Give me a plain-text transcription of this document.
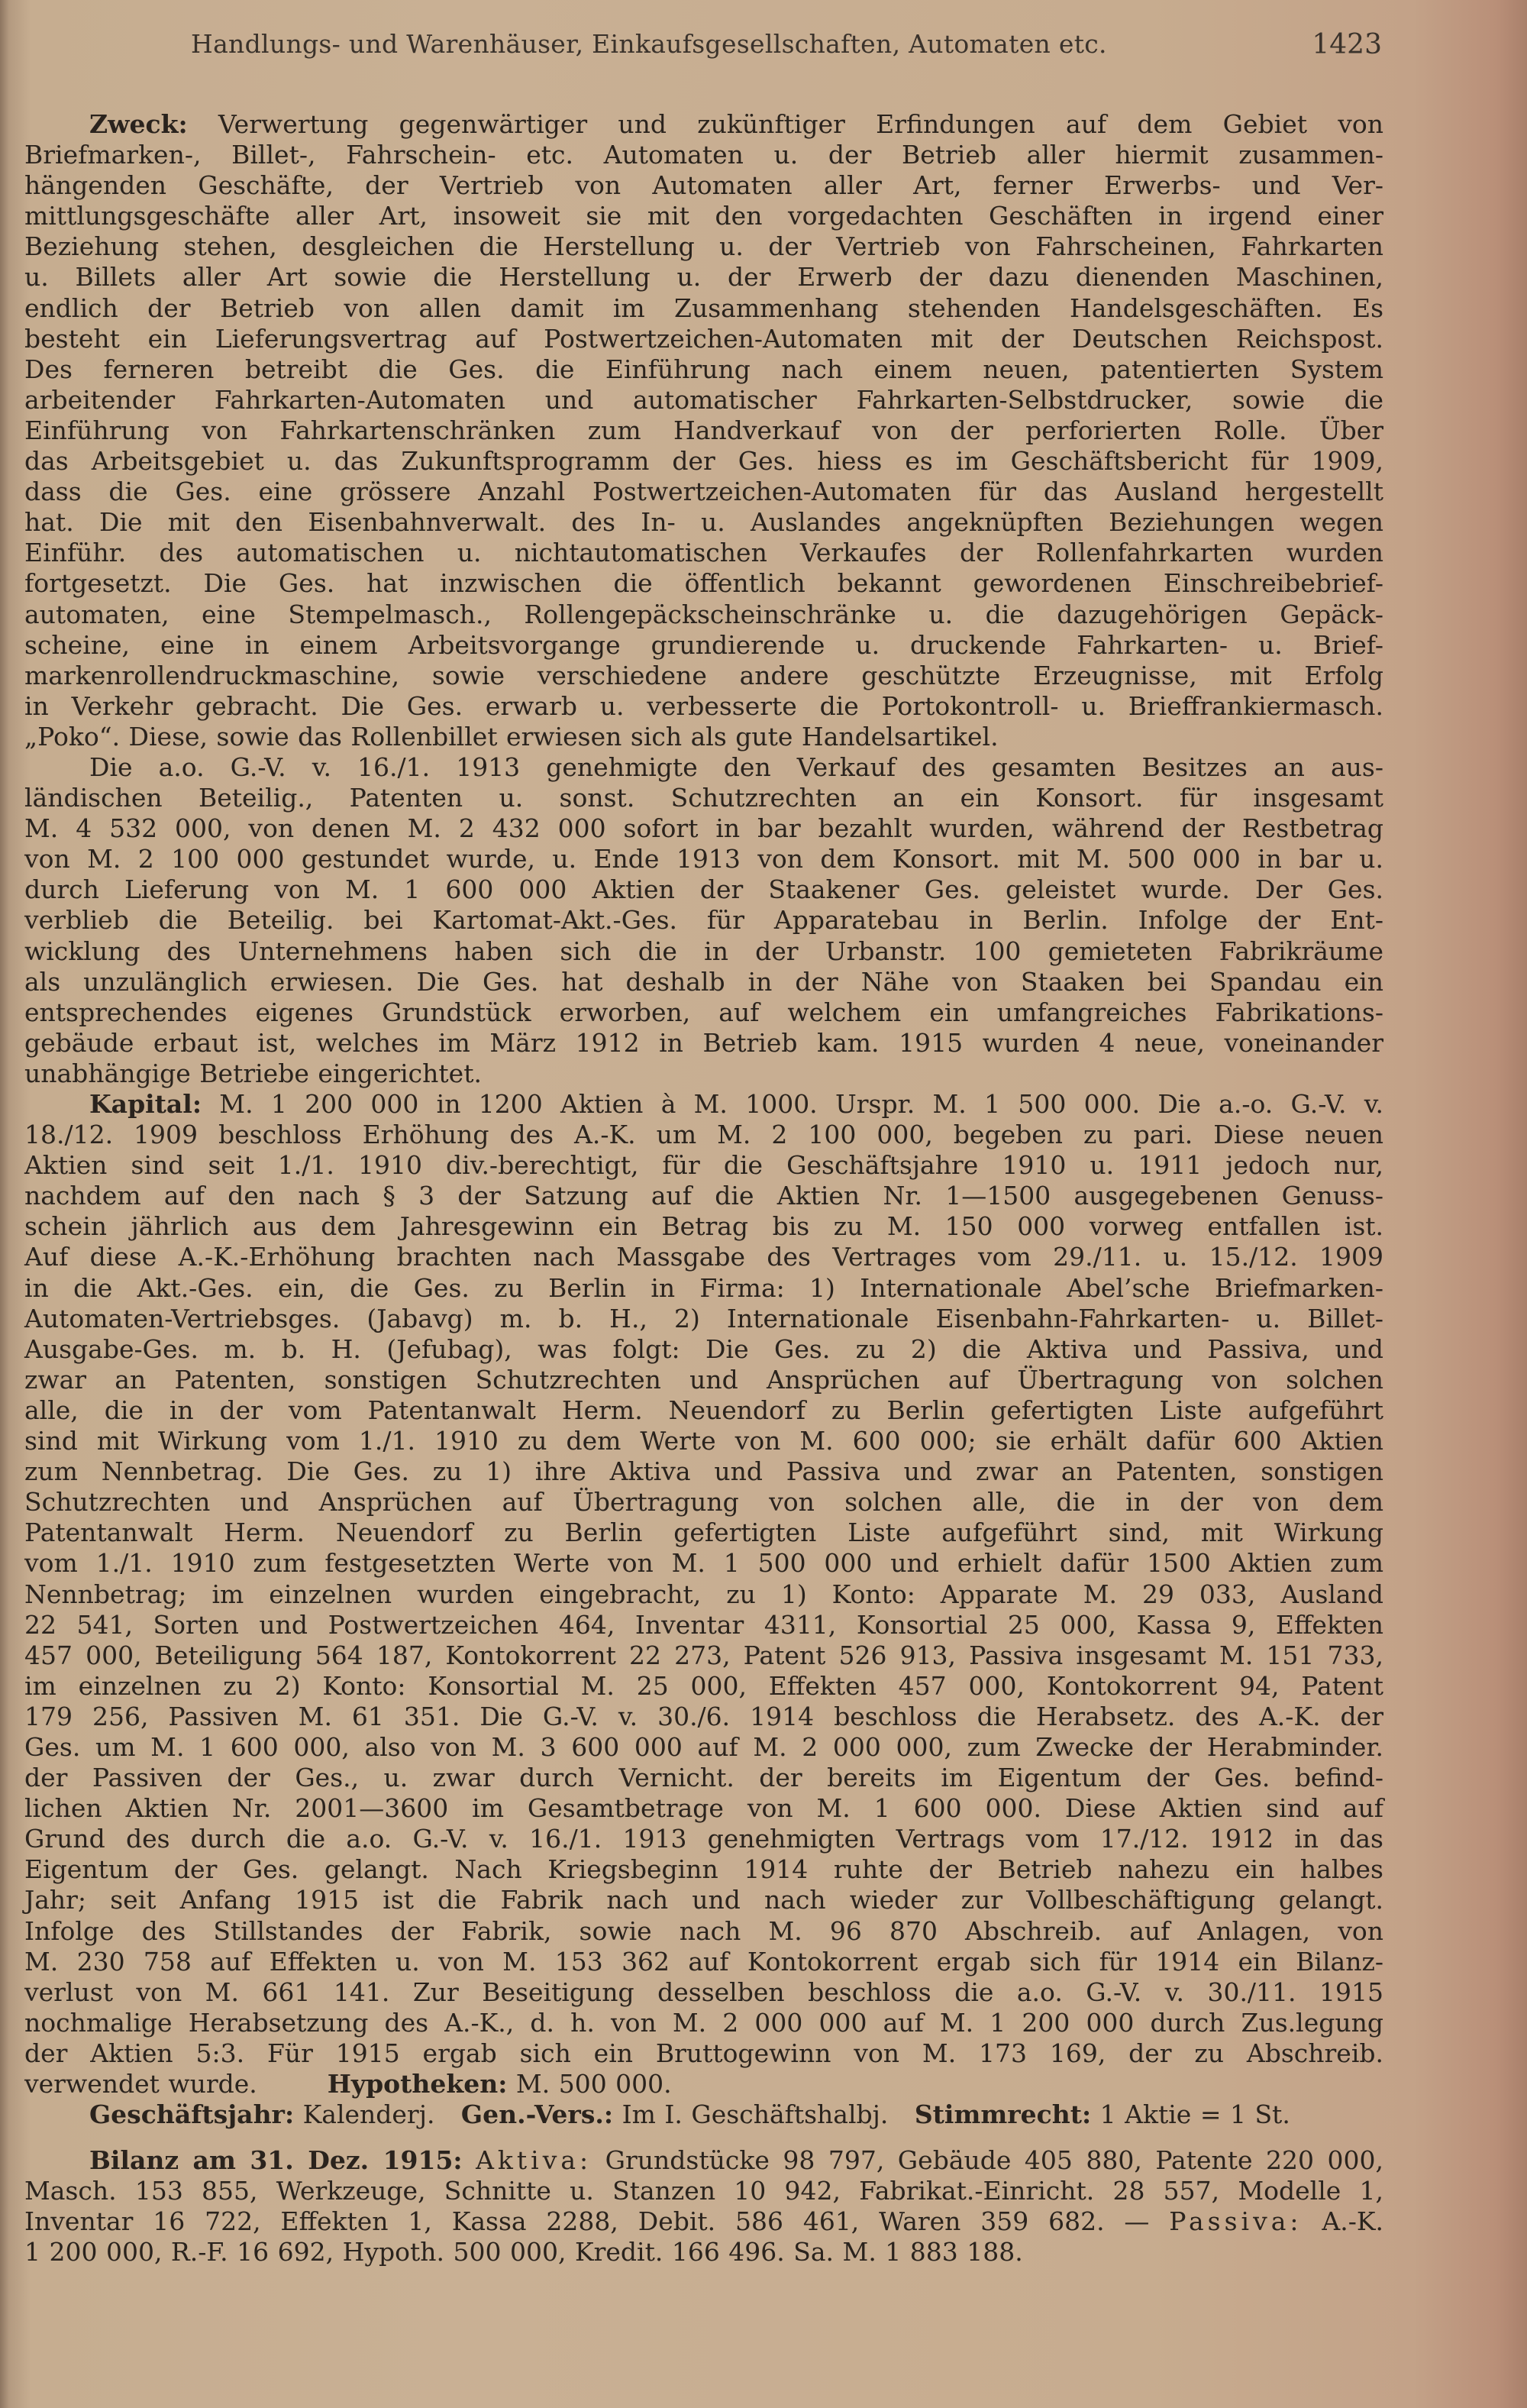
Handlungs- und Warenhäuser, Einkaufsgesellschaften, Automaten etc.	1423
Zweck: Verwertung gegenwärtiger und zukünftiger Erfindungen auf dem Gebiet von
Briefmarken-, Billet-, Fahrschein- etc. Automaten u. der Betrieb aller hiermit zusammen-
hängenden Geschäfte, der Vertrieb von Automaten aller Art, ferner Erwerbs- und Ver-
mittlungsgeschäfte aller Art, insoweit sie mit den vorgedachten Geschäften in irgend einer
Beziehung stehen, desgleichen die Herstellung u. der Vertrieb von Fahrscheinen, Fahrkarten
u. Billets aller Art sowie die Herstellung u. der Erwerb der dazu dienenden Maschinen,
endlich der Betrieb von allen damit im Zusammenhang stehenden Handelsgeschäften. Es
besteht ein Lieferungsvertrag auf Postwertzeichen-Automaten mit der Deutschen Reichspost.
Des ferneren betreibt die Ges. die Einführung nach einem neuen, patentierten System
arbeitender Fahrkarten-Automaten und automatischer Fahrkarten-Selbstdrucker, sowie die
Einführung von Fahrkartenschränken zum Handverkauf von der perforierten Rolle. Über
das Arbeitsgebiet u. das Zukunftsprogramm der Ges. hiess es im Geschäftsbericht für 1909,
dass die Ges. eine grössere Anzahl Postwertzeichen-Automaten für das Ausland hergestellt
hat. Die mit den Eisenbahnverwalt. des In- u. Auslandes angeknüpften Beziehungen wegen
Einführ. des automatischen u. nichtautomatischen Verkaufes der Rollenfahrkarten wurden
fortgesetzt. Die Ges. hat inzwischen die öffentlich bekannt gewordenen Einschreibebrief-
automaten, eine Stempelmasch., Rollengepäckscheinschränke u. die dazugehörigen Gepäck-
scheine, eine in einem Arbeitsvorgange grundierende u. druckende Fahrkarten- u. Brief-
markenrollendruckmaschine, sowie verschiedene andere geschützte Erzeugnisse, mit Erfolg
in Verkehr gebracht. Die Ges. erwarb u. verbesserte die Portokontroll- u. Brieffrankiermasch.
„Poko“. Diese, sowie das Rollenbillet erwiesen sich als gute Handelsartikel.
Die a.o. G.-V. v. 16./1. 1913 genehmigte den Verkauf des gesamten Besitzes an aus-
ländischen Beteilig., Patenten u. sonst. Schutzrechten an ein Konsort. für insgesamt
M. 4 532 000, von denen M. 2 432 000 sofort in bar bezahlt wurden, während der Restbetrag
von M. 2 100 000 gestundet wurde, u. Ende 1913 von dem Konsort. mit M. 500 000 in bar u.
durch Lieferung von M. 1 600 000 Aktien der Staakener Ges. geleistet wurde. Der Ges.
verblieb die Beteilig. bei Kartomat-Akt.-Ges. für Apparatebau in Berlin. Infolge der Ent-
wicklung des Unternehmens haben sich die in der Urbanstr. 100 gemieteten Fabrikräume
als unzulänglich erwiesen. Die Ges. hat deshalb in der Nähe von Staaken bei Spandau ein
entsprechendes eigenes Grundstück erworben, auf welchem ein umfangreiches Fabrikations-
gebäude erbaut ist, welches im März 1912 in Betrieb kam. 1915 wurden 4 neue, voneinander
unabhängige Betriebe eingerichtet.
Kapital: M. 1 200 000 in 1200 Aktien à M. 1000. Urspr. M. 1 500 000. Die a.-o. G.-V. v.
18./12. 1909 beschloss Erhöhung des A.-K. um M. 2 100 000, begeben zu pari. Diese neuen
Aktien sind seit 1./1. 1910 div.-berechtigt, für die Geschäftsjahre 1910 u. 1911 jedoch nur,
nachdem auf den nach § 3 der Satzung auf die Aktien Nr. 1—1500 ausgegebenen Genuss-
schein jährlich aus dem Jahresgewinn ein Betrag bis zu M. 150 000 vorweg entfallen ist.
Auf diese A.-K.-Erhöhung brachten nach Massgabe des Vertrages vom 29./11. u. 15./12. 1909
in die Akt.-Ges. ein, die Ges. zu Berlin in Firma: 1) Internationale Abel’sche Briefmarken-
Automaten-Vertriebsges. (Jabavg) m. b. H., 2) Internationale Eisenbahn-Fahrkarten- u. Billet-
Ausgabe-Ges. m. b. H. (Jefubag), was folgt: Die Ges. zu 2) die Aktiva und Passiva, und
zwar an Patenten, sonstigen Schutzrechten und Ansprüchen auf Übertragung von solchen
alle, die in der vom Patentanwalt Herm. Neuendorf zu Berlin gefertigten Liste aufgeführt
sind mit Wirkung vom 1./1. 1910 zu dem Werte von M. 600 000; sie erhält dafür 600 Aktien
zum Nennbetrag. Die Ges. zu 1) ihre Aktiva und Passiva und zwar an Patenten, sonstigen
Schutzrechten und Ansprüchen auf Übertragung von solchen alle, die in der von dem
Patentanwalt Herm. Neuendorf zu Berlin gefertigten Liste aufgeführt sind, mit Wirkung
vom 1./1. 1910 zum festgesetzten Werte von M. 1 500 000 und erhielt dafür 1500 Aktien zum
Nennbetrag; im einzelnen wurden eingebracht, zu 1) Konto: Apparate M. 29 033, Ausland
22 541, Sorten und Postwertzeichen 464, Inventar 4311, Konsortial 25 000, Kassa 9, Effekten
457 000, Beteiligung 564 187, Kontokorrent 22 273, Patent 526 913, Passiva insgesamt M. 151 733,
im einzelnen zu 2) Konto: Konsortial M. 25 000, Effekten 457 000, Kontokorrent 94, Patent
179 256, Passiven M. 61 351. Die G.-V. v. 30./6. 1914 beschloss die Herabsetz. des A.-K. der
Ges. um M. 1 600 000, also von M. 3 600 000 auf M. 2 000 000, zum Zwecke der Herabminder.
der Passiven der Ges., u. zwar durch Vernicht. der bereits im Eigentum der Ges. befind-
lichen Aktien Nr. 2001—3600 im Gesamtbetrage von M. 1 600 000. Diese Aktien sind auf
Grund des durch die a.o. G.-V. v. 16./1. 1913 genehmigten Vertrags vom 17./12. 1912 in das
Eigentum der Ges. gelangt. Nach Kriegsbeginn 1914 ruhte der Betrieb nahezu ein halbes
Jahr; seit Anfang 1915 ist die Fabrik nach und nach wieder zur Vollbeschäftigung gelangt.
Infolge des Stillstandes der Fabrik, sowie nach M. 96 870 Abschreib. auf Anlagen, von
M. 230 758 auf Effekten u. von M. 153 362 auf Kontokorrent ergab sich für 1914 ein Bilanz-
verlust von M. 661 141. Zur Beseitigung desselben beschloss die a.o. G.-V. v. 30./11. 1915
nochmalige Herabsetzung des A.-K., d. h. von M. 2 000 000 auf M. 1 200 000 durch Zus.legung
der Aktien 5:3. Für 1915 ergab sich ein Bruttogewinn von M. 173 169, der zu Abschreib.
verwendet wurde.        Hypotheken: M. 500 000.
Geschäftsjahr: Kalenderj.   Gen.-Vers.: Im I. Geschäftshalbj.   Stimmrecht: 1 Aktie = 1 St.
Bilanz am 31. Dez. 1915: Aktiva: Grundstücke 98 797, Gebäude 405 880, Patente 220 000,
Masch. 153 855, Werkzeuge, Schnitte u. Stanzen 10 942, Fabrikat.-Einricht. 28 557, Modelle 1,
Inventar 16 722, Effekten 1, Kassa 2288, Debit. 586 461, Waren 359 682. — Passiva: A.-K.
1 200 000, R.-F. 16 692, Hypoth. 500 000, Kredit. 166 496. Sa. M. 1 883 188.
